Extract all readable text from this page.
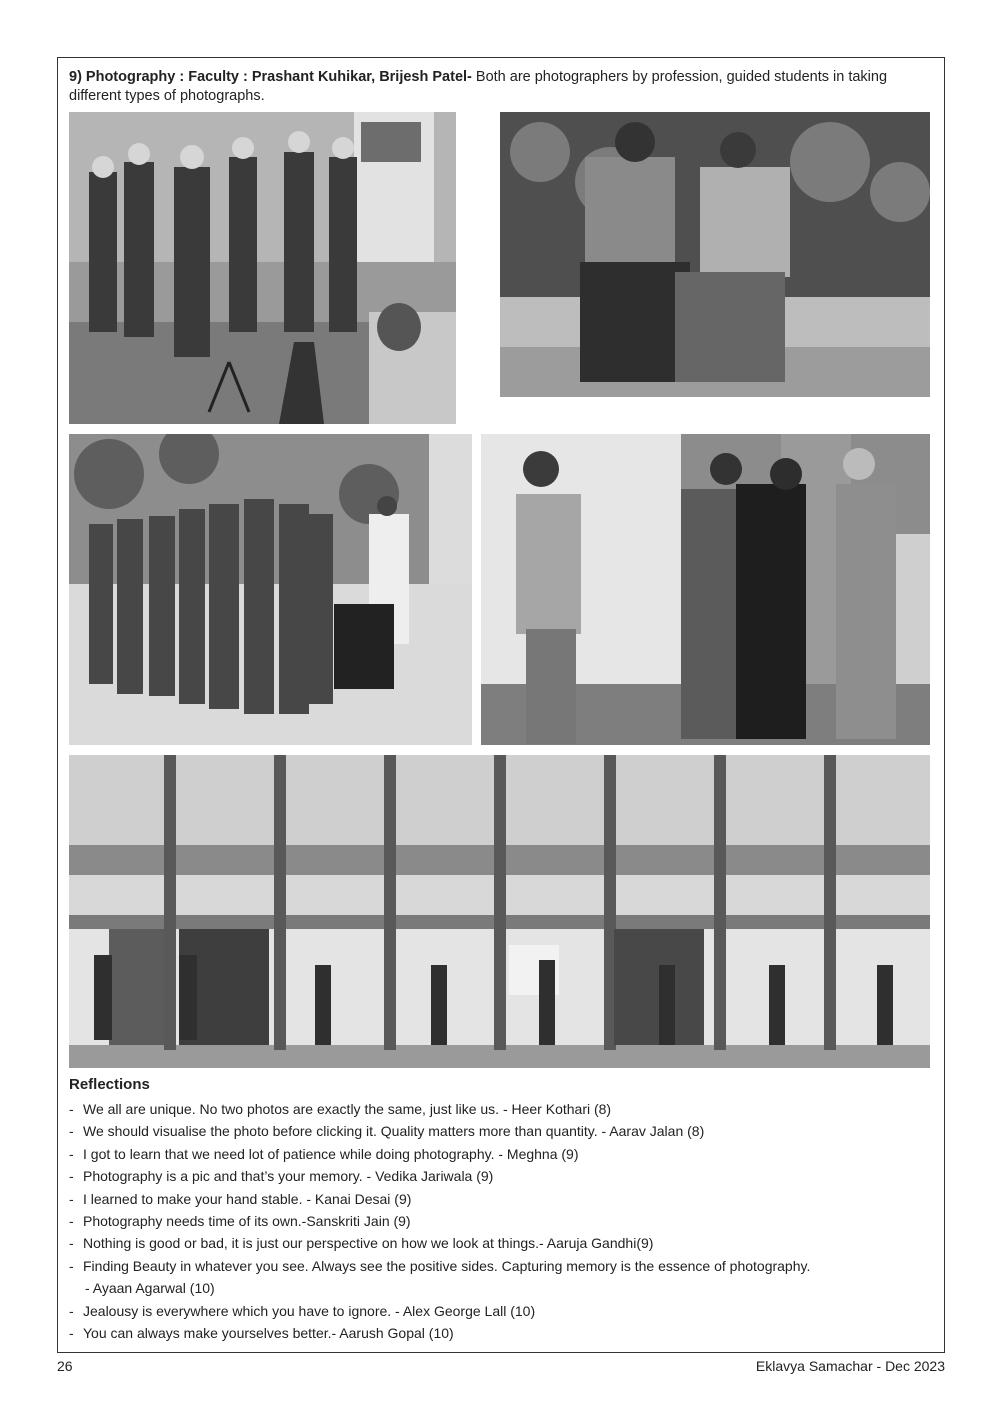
9) Photography : Faculty : Prashant Kuhikar, Brijesh Patel- Both are photographers by profession, guided students in taking different types of photographs.
Reflections
- We all are unique. No two photos are exactly the same, just like us. - Heer Kothari (8)
- We should visualise the photo before clicking it. Quality matters more than quantity. - Aarav Jalan (8)
- I got to learn that we need lot of patience while doing photography. - Meghna (9)
- Photography is a pic and that’s your memory. - Vedika Jariwala (9)
- I learned to make your hand stable. - Kanai Desai (9)
- Photography needs time of its own.-Sanskriti Jain (9)
- Nothing is good or bad, it is just our perspective on how we look at things.- Aaruja Gandhi(9)
- Finding Beauty in whatever you see. Always see the positive sides. Capturing memory is the essence of photography.
- Ayaan Agarwal (10)
- Jealousy is everywhere which you have to ignore. - Alex George Lall (10)
- You can always make yourselves better.- Aarush Gopal (10)
26	Eklavya Samachar - Dec 2023
